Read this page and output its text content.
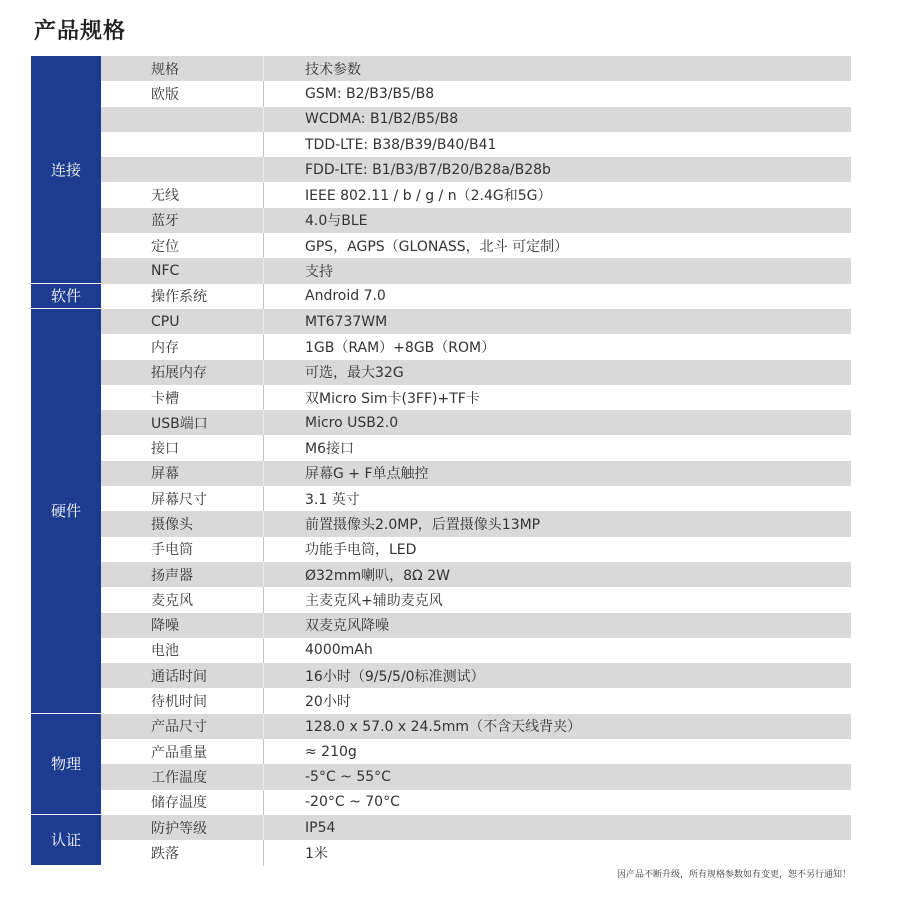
产品规格
连接
规格	技术参数
欧版	GSM: B2/B3/B5/B8
WCDMA: B1/B2/B5/B8
TDD-LTE: B38/B39/B40/B41
FDD-LTE: B1/B3/B7/B20/B28a/B28b
无线	IEEE 802.11 / b / g / n（2.4G和5G）
蓝牙	4.0与BLE
定位	GPS，AGPS（GLONASS，北斗 可定制）
NFC	支持
软件	操作系统	Android 7.0
硬件
CPU	MT6737WM
内存	1GB（RAM）+8GB（ROM）
拓展内存	可选，最大32G
卡槽	双Micro Sim卡(3FF)+TF卡
USB端口	Micro USB2.0
接口	M6接口
屏幕	屏幕G + F单点触控
屏幕尺寸	3.1 英寸
摄像头	前置摄像头2.0MP，后置摄像头13MP
手电筒	功能手电筒，LED
扬声器	Ø32mm喇叭，8Ω 2W
麦克风	主麦克风+辅助麦克风
降噪	双麦克风降噪
电池	4000mAh
通话时间	16小时（9/5/5/0标准测试）
待机时间	20小时
物理
产品尺寸	128.0 x 57.0 x 24.5mm（不含天线背夹）
产品重量	≈ 210g
工作温度	-5°C ~ 55°C
储存温度	-20°C ~ 70°C
认证
防护等级	IP54
跌落	1米
因产品不断升级，所有规格参数如有变更，恕不另行通知！
